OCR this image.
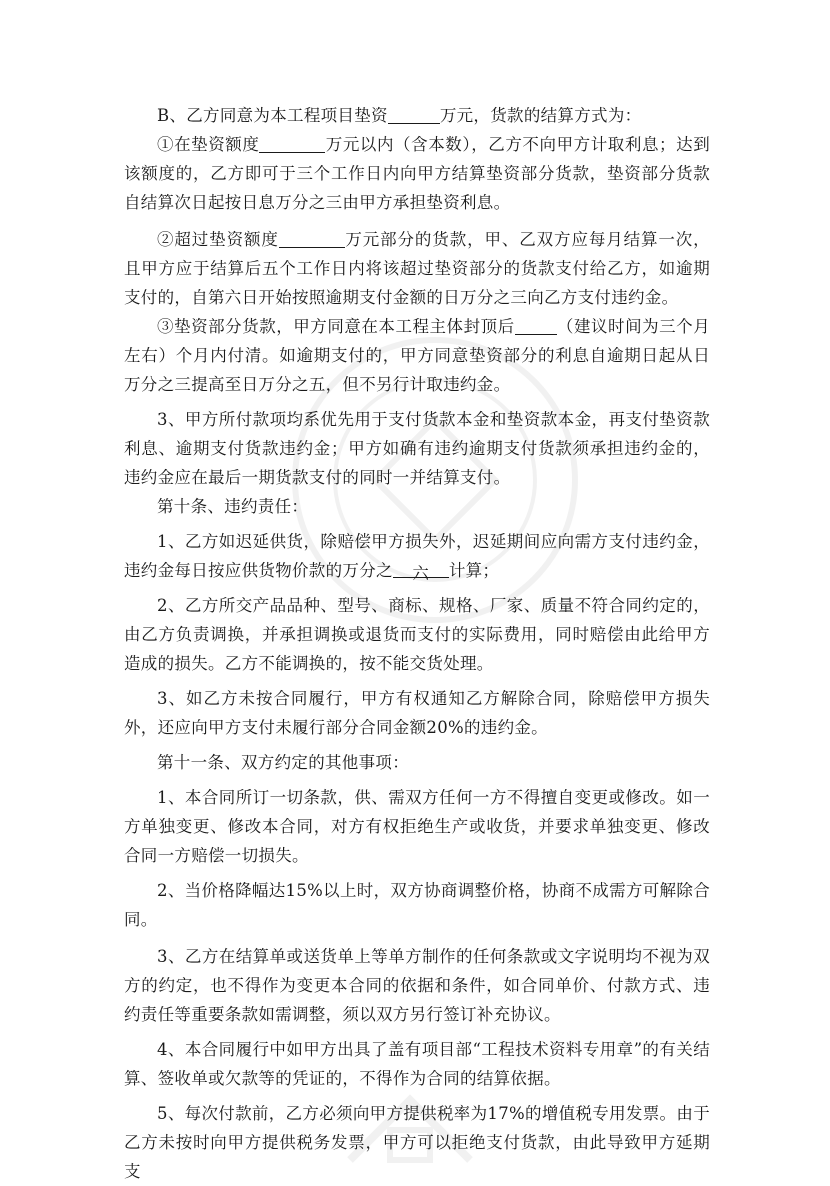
B、乙方同意为本工程项目垫资	万元，货款的结算方式为：

①在垫资额度	万元以内（含本数），乙方不向甲方计取利息；达到该额度的，乙方即可于三个工作日内向甲方结算垫资部分货款，垫资部分货款自结算次日起按日息万分之三由甲方承担垫资利息。

②超过垫资额度	万元部分的货款，甲、乙双方应每月结算一次，且甲方应于结算后五个工作日内将该超过垫资部分的货款支付给乙方，如逾期支付的，自第六日开始按照逾期支付金额的日万分之三向乙方支付违约金。

③垫资部分货款，甲方同意在本工程主体封顶后	（建议时间为三个月左右）个月内付清。如逾期支付的，甲方同意垫资部分的利息自逾期日起从日万分之三提高至日万分之五，但不另行计取违约金。

3、甲方所付款项均系优先用于支付货款本金和垫资款本金，再支付垫资款利息、逾期支付货款违约金；甲方如确有违约逾期支付货款须承担违约金的，违约金应在最后一期货款支付的同时一并结算支付。

第十条、违约责任：

1、乙方如迟延供货，除赔偿甲方损失外，迟延期间应向需方支付违约金，违约金每日按应供货物价款的万分之 六 计算；

2、乙方所交产品品种、型号、商标、规格、厂家、质量不符合同约定的，由乙方负责调换，并承担调换或退货而支付的实际费用，同时赔偿由此给甲方造成的损失。乙方不能调换的，按不能交货处理。

3、如乙方未按合同履行，甲方有权通知乙方解除合同，除赔偿甲方损失外，还应向甲方支付未履行部分合同金额20%的违约金。

第十一条、双方约定的其他事项：

1、本合同所订一切条款，供、需双方任何一方不得擅自变更或修改。如一方单独变更、修改本合同，对方有权拒绝生产或收货，并要求单独变更、修改合同一方赔偿一切损失。

2、当价格降幅达15%以上时，双方协商调整价格，协商不成需方可解除合同。

3、乙方在结算单或送货单上等单方制作的任何条款或文字说明均不视为双方的约定，也不得作为变更本合同的依据和条件，如合同单价、付款方式、违约责任等重要条款如需调整，须以双方另行签订补充协议。

4、本合同履行中如甲方出具了盖有项目部“工程技术资料专用章”的有关结算、签收单或欠款等的凭证的，不得作为合同的结算依据。

5、每次付款前，乙方必须向甲方提供税率为17%的增值税专用发票。由于乙方未按时向甲方提供税务发票，甲方可以拒绝支付货款，由此导致甲方延期支
